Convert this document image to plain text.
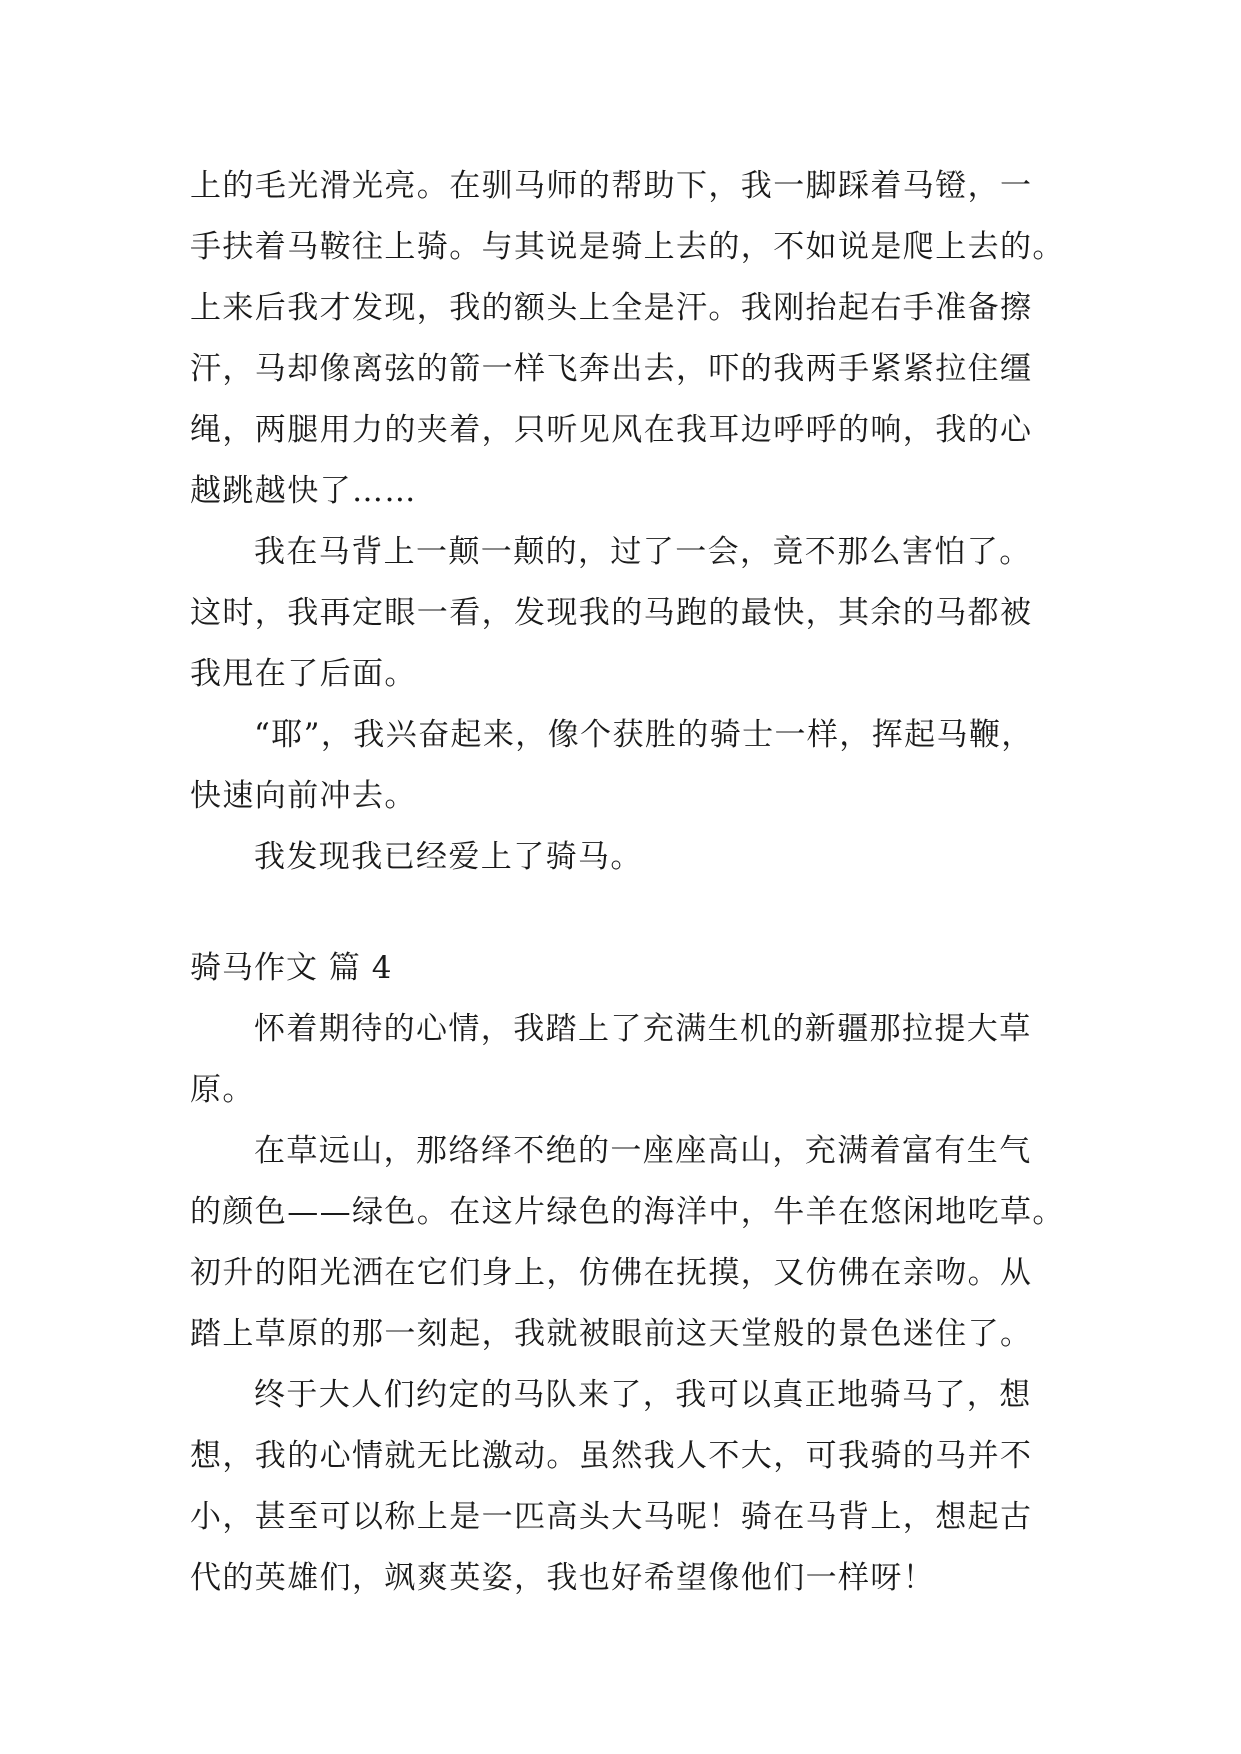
上的毛光滑光亮。在驯马师的帮助下，我一脚踩着马镫，一
手扶着马鞍往上骑。与其说是骑上去的，不如说是爬上去的。
上来后我才发现，我的额头上全是汗。我刚抬起右手准备擦
汗，马却像离弦的箭一样飞奔出去，吓的我两手紧紧拉住缰
绳，两腿用力的夹着，只听见风在我耳边呼呼的响，我的心
越跳越快了……
我在马背上一颠一颠的，过了一会，竟不那么害怕了。
这时，我再定眼一看，发现我的马跑的最快，其余的马都被
我甩在了后面。
“耶”，我兴奋起来，像个获胜的骑士一样，挥起马鞭，
快速向前冲去。
我发现我已经爱上了骑马。
骑马作文 篇 4
怀着期待的心情，我踏上了充满生机的新疆那拉提大草
原。
在草远山，那络绎不绝的一座座高山，充满着富有生气
的颜色——绿色。在这片绿色的海洋中，牛羊在悠闲地吃草。
初升的阳光洒在它们身上，仿佛在抚摸，又仿佛在亲吻。从
踏上草原的那一刻起，我就被眼前这天堂般的景色迷住了。
终于大人们约定的马队来了，我可以真正地骑马了，想
想，我的心情就无比激动。虽然我人不大，可我骑的马并不
小，甚至可以称上是一匹高头大马呢！骑在马背上，想起古
代的英雄们，飒爽英姿，我也好希望像他们一样呀！
